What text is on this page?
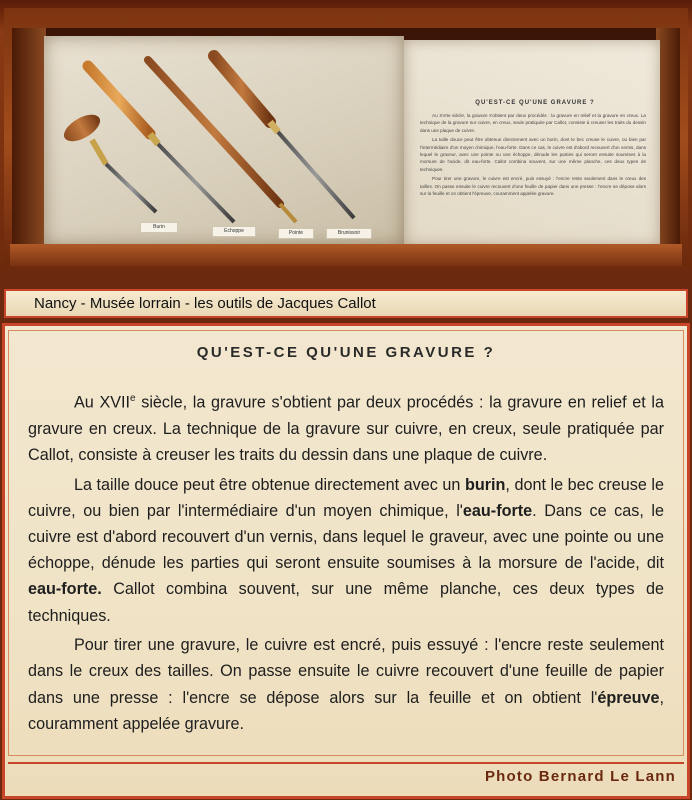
Burin
Echoppe	Pointe	Brunissoir
QU'EST-CE QU'UNE GRAVURE ?

Au XVIIe siècle, la gravure s'obtient par deux procédés : la gravure en relief et la gravure en creux. La technique de la gravure sur cuivre, en creux, seule pratiquée par Callot, consiste à creuser les traits du dessin dans une plaque de cuivre.

La taille douce peut être obtenue directement avec un burin, dont le bec creuse le cuivre, ou bien par l'intermédiaire d'un moyen chimique, l'eau-forte. Dans ce cas, le cuivre est d'abord recouvert d'un vernis, dans lequel le graveur, avec une pointe ou une échoppe, dénude les parties qui seront ensuite soumises à la morsure de l'acide, dit eau-forte. Callot combina souvent, sur une même planche, ces deux types de techniques.

Pour tirer une gravure, le cuivre est encré, puis essuyé : l'encre reste seulement dans le creux des tailles. On passe ensuite le cuivre recouvert d'une feuille de papier dans une presse : l'encre se dépose alors sur la feuille et on obtient l'épreuve, couramment appelée gravure.

Nancy - Musée lorrain - les outils de Jacques Callot
QU'EST-CE QU'UNE GRAVURE ?

Au XVIIe siècle, la gravure s'obtient par deux procédés : la gravure en relief et la gravure en creux. La technique de la gravure sur cuivre, en creux, seule pratiquée par Callot, consiste à creuser les traits du dessin dans une plaque de cuivre.

La taille douce peut être obtenue directement avec un burin, dont le bec creuse le cuivre, ou bien par l'intermédiaire d'un moyen chimique, l'eau-forte. Dans ce cas, le cuivre est d'abord recouvert d'un vernis, dans lequel le graveur, avec une pointe ou une échoppe, dénude les parties qui seront ensuite soumises à la morsure de l'acide, dit eau-forte. Callot combina souvent, sur une même planche, ces deux types de techniques.

Pour tirer une gravure, le cuivre est encré, puis essuyé : l'encre reste seulement dans le creux des tailles. On passe ensuite le cuivre recouvert d'une feuille de papier dans une presse : l'encre se dépose alors sur la feuille et on obtient l'épreuve, couramment appelée gravure.

Photo Bernard Le Lann
